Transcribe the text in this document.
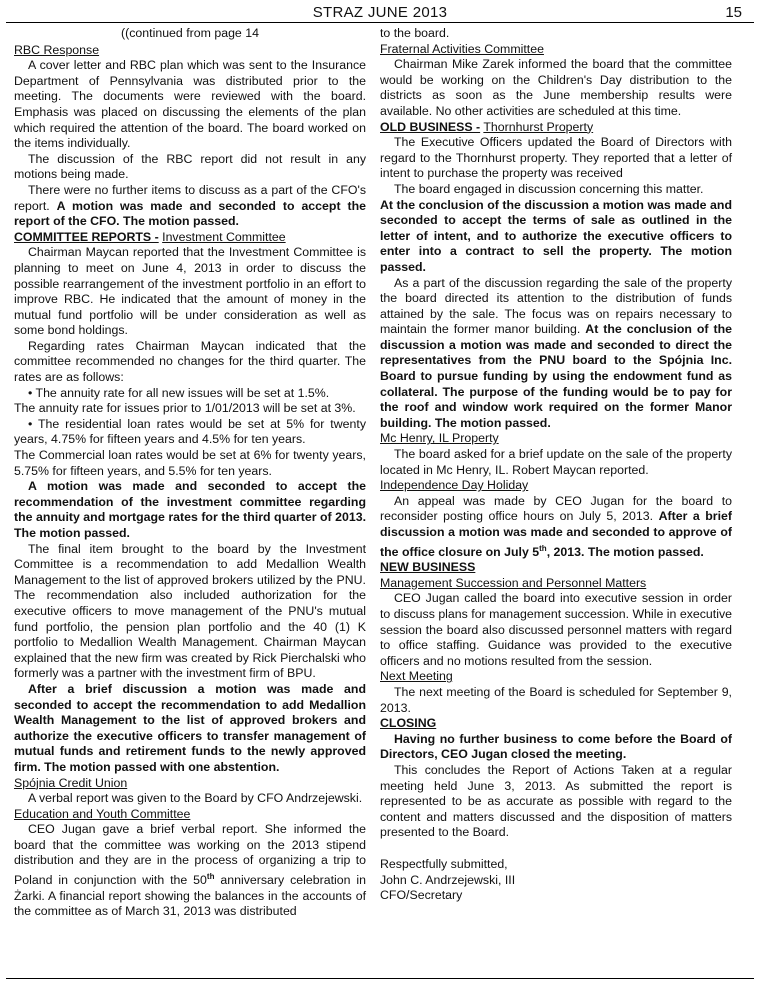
STRAZ JUNE 2013	15

((continued from page 14

RBC Response

A cover letter and RBC plan which was sent to the Insurance Department of Pennsylvania was distributed prior to the meeting. The documents were reviewed with the board. Emphasis was placed on discussing the elements of the plan which required the attention of the board. The board worked on the items individually.

The discussion of the RBC report did not result in any motions being made.

There were no further items to discuss as a part of the CFO's report. A motion was made and seconded to accept the report of the CFO. The motion passed.

COMMITTEE REPORTS - Investment Committee

Chairman Maycan reported that the Investment Committee is planning to meet on June 4, 2013 in order to discuss the possible rearrangement of the investment portfolio in an effort to improve RBC. He indicated that the amount of money in the mutual fund portfolio will be under consideration as well as some bond holdings.

Regarding rates Chairman Maycan indicated that the committee recommended no changes for the third quarter. The rates are as follows:

• The annuity rate for all new issues will be set at 1.5%.

The annuity rate for issues prior to 1/01/2013 will be set at 3%.

• The residential loan rates would be set at 5% for twenty years, 4.75% for fifteen years and 4.5% for ten years.

The Commercial loan rates would be set at 6% for twenty years, 5.75% for fifteen years, and 5.5% for ten years.

A motion was made and seconded to accept the recommendation of the investment committee regarding the annuity and mortgage rates for the third quarter of 2013. The motion passed.

The final item brought to the board by the Investment Committee is a recommendation to add Medallion Wealth Management to the list of approved brokers utilized by the PNU. The recommendation also included authorization for the executive officers to move management of the PNU's mutual fund portfolio, the pension plan portfolio and the 40 (1) K portfolio to Medallion Wealth Management. Chairman Maycan explained that the new firm was created by Rick Pierchalski who formerly was a partner with the investment firm of BPU.

After a brief discussion a motion was made and seconded to accept the recommendation to add Medallion Wealth Management to the list of approved brokers and authorize the executive officers to transfer management of mutual funds and retirement funds to the newly approved firm. The motion passed with one abstention.

Spójnia Credit Union

A verbal report was given to the Board by CFO Andrzejewski.

Education and Youth Committee

CEO Jugan gave a brief verbal report. She informed the board that the committee was working on the 2013 stipend distribution and they are in the process of organizing a trip to Poland in conjunction with the 50th anniversary celebration in Żarki. A financial report showing the balances in the accounts of the committee as of March 31, 2013 was distributed

to the board.

Fraternal Activities Committee

Chairman Mike Zarek informed the board that the committee would be working on the Children's Day distribution to the districts as soon as the June membership results were available. No other activities are scheduled at this time.

OLD BUSINESS - Thornhurst Property

The Executive Officers updated the Board of Directors with regard to the Thornhurst property. They reported that a letter of intent to purchase the property was received

The board engaged in discussion concerning this matter.

At the conclusion of the discussion a motion was made and seconded to accept the terms of sale as outlined in the letter of intent, and to authorize the executive officers to enter into a contract to sell the property. The motion passed.

As a part of the discussion regarding the sale of the property the board directed its attention to the distribution of funds attained by the sale. The focus was on repairs necessary to maintain the former manor building. At the conclusion of the discussion a motion was made and seconded to direct the representatives from the PNU board to the Spójnia Inc. Board to pursue funding by using the endowment fund as collateral. The purpose of the funding would be to pay for the roof and window work required on the former Manor building. The motion passed.

Mc Henry, IL Property

The board asked for a brief update on the sale of the property located in Mc Henry, IL. Robert Maycan reported.

Independence Day Holiday

An appeal was made by CEO Jugan for the board to reconsider posting office hours on July 5, 2013. After a brief discussion a motion was made and seconded to approve of the office closure on July 5th, 2013. The motion passed.

NEW BUSINESS

Management Succession and Personnel Matters

CEO Jugan called the board into executive session in order to discuss plans for management succession. While in executive session the board also discussed personnel matters with regard to office staffing. Guidance was provided to the executive officers and no motions resulted from the session.

Next Meeting

The next meeting of the Board is scheduled for September 9, 2013.

CLOSING

Having no further business to come before the Board of Directors, CEO Jugan closed the meeting.

This concludes the Report of Actions Taken at a regular meeting held June 3, 2013. As submitted the report is represented to be as accurate as possible with regard to the content and matters discussed and the disposition of matters presented to the Board.

Respectfully submitted,

John C. Andrzejewski, III

CFO/Secretary
